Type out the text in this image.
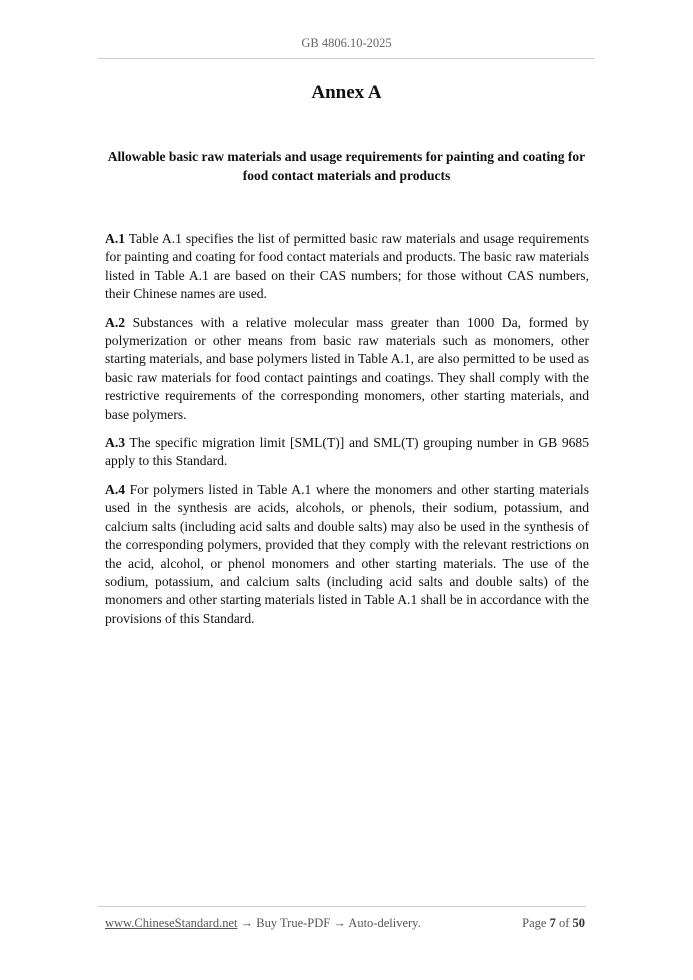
GB 4806.10-2025
Annex A
Allowable basic raw materials and usage requirements for painting and coating for food contact materials and products

A.1 Table A.1 specifies the list of permitted basic raw materials and usage requirements for painting and coating for food contact materials and products. The basic raw materials listed in Table A.1 are based on their CAS numbers; for those without CAS numbers, their Chinese names are used.

A.2 Substances with a relative molecular mass greater than 1000 Da, formed by polymerization or other means from basic raw materials such as monomers, other starting materials, and base polymers listed in Table A.1, are also permitted to be used as basic raw materials for food contact paintings and coatings. They shall comply with the restrictive requirements of the corresponding monomers, other starting materials, and base polymers.

A.3 The specific migration limit [SML(T)] and SML(T) grouping number in GB 9685 apply to this Standard.

A.4 For polymers listed in Table A.1 where the monomers and other starting materials used in the synthesis are acids, alcohols, or phenols, their sodium, potassium, and calcium salts (including acid salts and double salts) may also be used in the synthesis of the corresponding polymers, provided that they comply with the relevant restrictions on the acid, alcohol, or phenol monomers and other starting materials. The use of the sodium, potassium, and calcium salts (including acid salts and double salts) of the monomers and other starting materials listed in Table A.1 shall be in accordance with the provisions of this Standard.

www.ChineseStandard.net → Buy True-PDF → Auto-delivery.	Page 7 of 50
